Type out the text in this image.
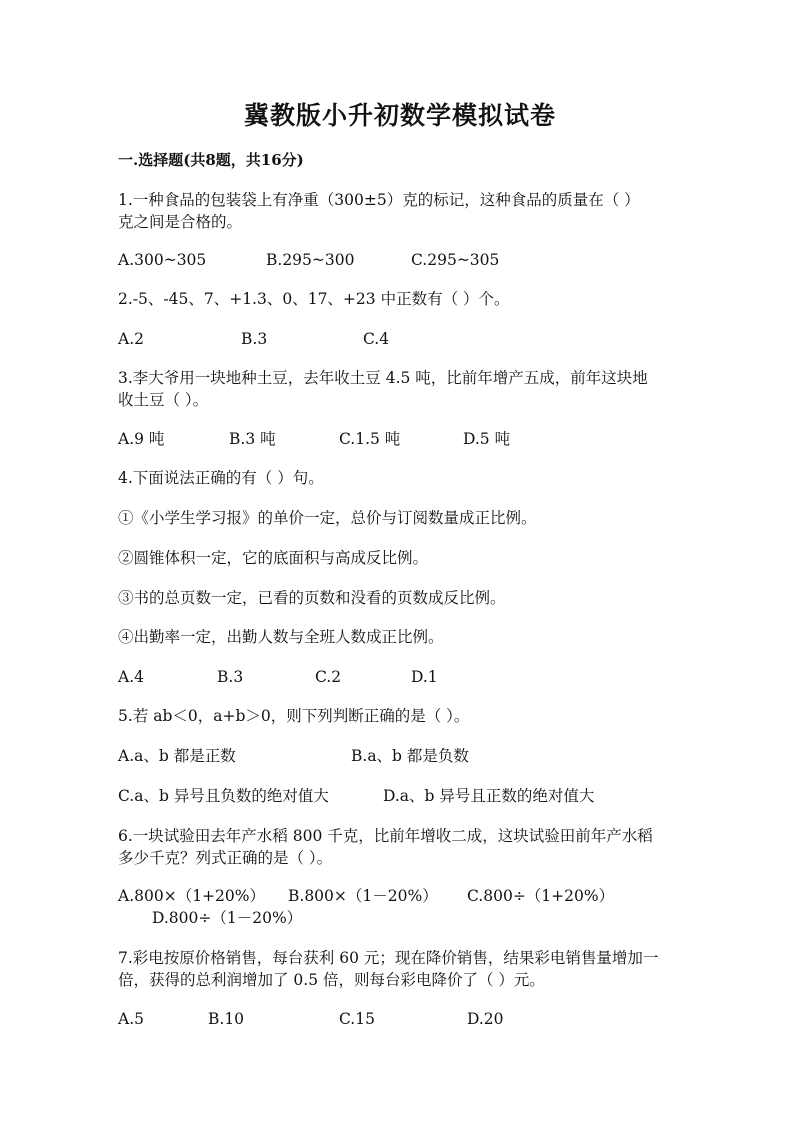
冀教版小升初数学模拟试卷
一.选择题(共8题，共16分)
1.一种食品的包装袋上有净重（300±5）克的标记，这种食品的质量在（ ）
克之间是合格的。
A.300~305	B.295~300	C.295~305
2.-5、-45、7、+1.3、0、17、+23 中正数有（ ）个。
A.2	B.3	C.4
3.李大爷用一块地种土豆，去年收土豆 4.5 吨，比前年增产五成，前年这块地
收土豆（ ）。
A.9 吨	B.3 吨	C.1.5 吨	D.5 吨
4.下面说法正确的有（ ）句。
①《小学生学习报》的单价一定，总价与订阅数量成正比例。
②圆锥体积一定，它的底面积与高成反比例。
③书的总页数一定，已看的页数和没看的页数成反比例。
④出勤率一定，出勤人数与全班人数成正比例。
A.4	B.3	C.2	D.1
5.若 ab＜0，a+b＞0，则下列判断正确的是（ ）。
A.a、b 都是正数	B.a、b 都是负数
C.a、b 异号且负数的绝对值大	D.a、b 异号且正数的绝对值大
6.一块试验田去年产水稻 800 千克，比前年增收二成，这块试验田前年产水稻
多少千克？列式正确的是（ ）。
A.800×（1+20%） B.800×（1－20%） C.800÷（1+20%）
D.800÷（1－20%）
7.彩电按原价格销售，每台获利 60 元；现在降价销售，结果彩电销售量增加一
倍，获得的总利润增加了 0.5 倍，则每台彩电降价了（ ）元。
A.5	B.10	C.15	D.20
